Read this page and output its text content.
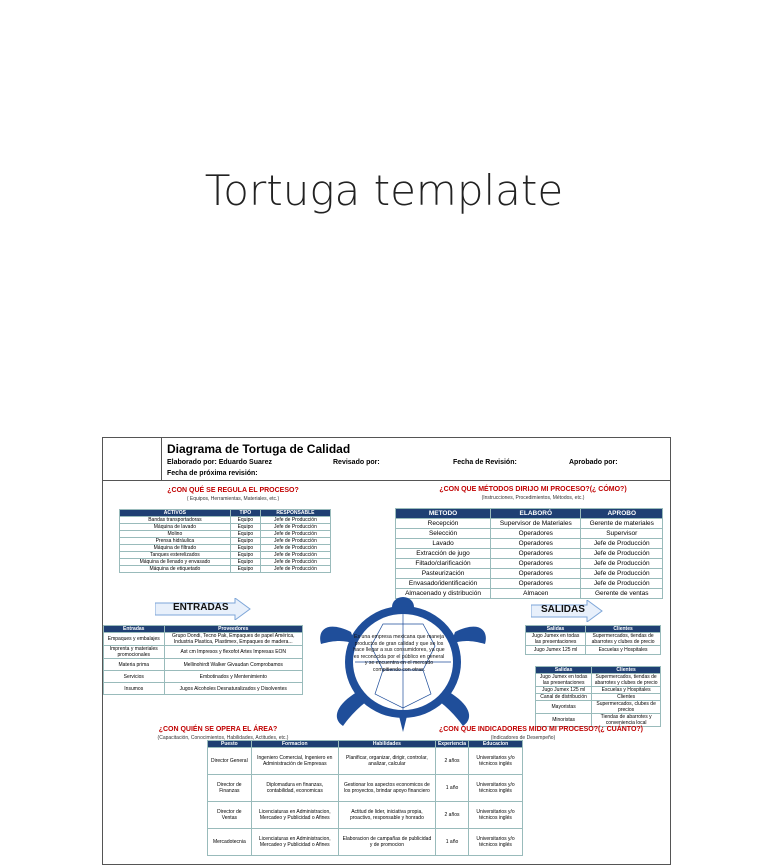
Tortuga template
Diagrama de Tortuga de Calidad
Elaborado por: Eduardo Suarez	Revisado por:	Fecha de Revisión:	Aprobado por:
Fecha de próxima revisión:
¿CON QUÉ SE REGULA EL PROCESO?
( Equipos, Herramientas, Materiales, etc.)
ACTIVOS	TIPO	RESPONSABLE
Bandas transportadoras	Equipo	Jefe de Producción
Máquina de lavado	Equipo	Jefe de Producción
Molino	Equipo	Jefe de Producción
Prensa hidráulica	Equipo	Jefe de Producción
Máquina de filtrado	Equipo	Jefe de Producción
Tanques esterelizados	Equipo	Jefe de Producción
Máquina de llenado y envasado	Equipo	Jefe de Producción
Máquina de etiquetado	Equipo	Jefe de Producción
¿CON QUE MÉTODOS DIRIJO MI PROCESO?(¿ CÓMO?)
(Instrucciones, Procedimientos, Métodos, etc.)
METODO	ELABORÓ	APROBO
Recepción	Supervisor de Materiales	Gerente de materiales
Selección	Operadores	Supervisor
Lavado	Operadores	Jefe de Producción
Extracción de jugo	Operadores	Jefe de Producción
Filtado/clarificación	Operadores	Jefe de Producción
Pasteurización	Operadores	Jefe de Producción
Envasado/identificación	Operadores	Jefe de Producción
Almacenado y distribución	Almacen	Gerente de ventas
ENTRADAS	SALIDAS
Entradas	Proveedores
Empaques y embalajes	Grupo Dondi, Tecno Pak, Empaques de papel América, Industria Plastica, Plastimex, Empaques de madera...
Imprenta y materiales promocionales	Ast cm Impresos y flexofot Artes Impresas EON
Materia prima	Mellinohirdt Walker Givaudan Comprobamos
Servicios	Embotinados y Mentenimiento
Insumos	Jugos Alcoholes Desnaturalizados y Disolventes
Salidas	Clientes
Jugo Jumex en todas las presentaciones	Supermercados, tiendas de abarrotes y clubes de precio
Jugo Jumex 125 ml	Escuelas y Hospitales
Salidas	Clientes
Jugo Jumex en todas las presentaciones	Supermercados, tiendas de abarrotes y clubes de precio
Jugo Jumex 125 ml	Escuelas y Hospitales
Canal de distribución	Clientes
Mayoristas	Supermercados, clubes de precios
Minoristas	Tiendas de abarrotes y conveniencia local
Es una empresa mexicana que maneja productos de gran calidad y que se los hace llegar a sus consumidores, ya que es reconocida por el público en general y se encuentra en el mercado compitiendo con otras.
¿CON QUIÉN SE OPERA EL ÁREA?
(Capacitación, Conocimientos, Habilidades, Actitudes, etc.)
¿CON QUE INDICADORES MIDO MI PROCESO?(¿ CUÁNTO?)
(Indicadores de Desempeño)
Puesto	Formacion	Habilidades	Experiencia	Educacion
Director General	Ingeniero Comercial, Ingeniero en Administración de Empresas	Planificar, organizar, dirigir, controlar, analizar, calcular	2 años	Universitarios y/o técnicos inglés
Director de Finanzas	Diplomadura en finanzas, contabilidad, economicas	Gestionar los aspectos economicos de los proyectos, brindar apoyo financiero	1 año	Universitarios y/o técnicos inglés
Director de Ventas	Licenciaturas en Administracion, Mercadeo y Publicidad o Afines	Actitud de lider, iniciativa propia, proactivo, responsable y honrado	2 años	Universitarios y/o técnicos inglés
Mercadotecnia	Licenciaturas en Administracion, Mercadeo y Publicidad o Afines	Elaboracion de campañas de publicidad y de promocion	1 año	Universitarios y/o técnicos inglés
